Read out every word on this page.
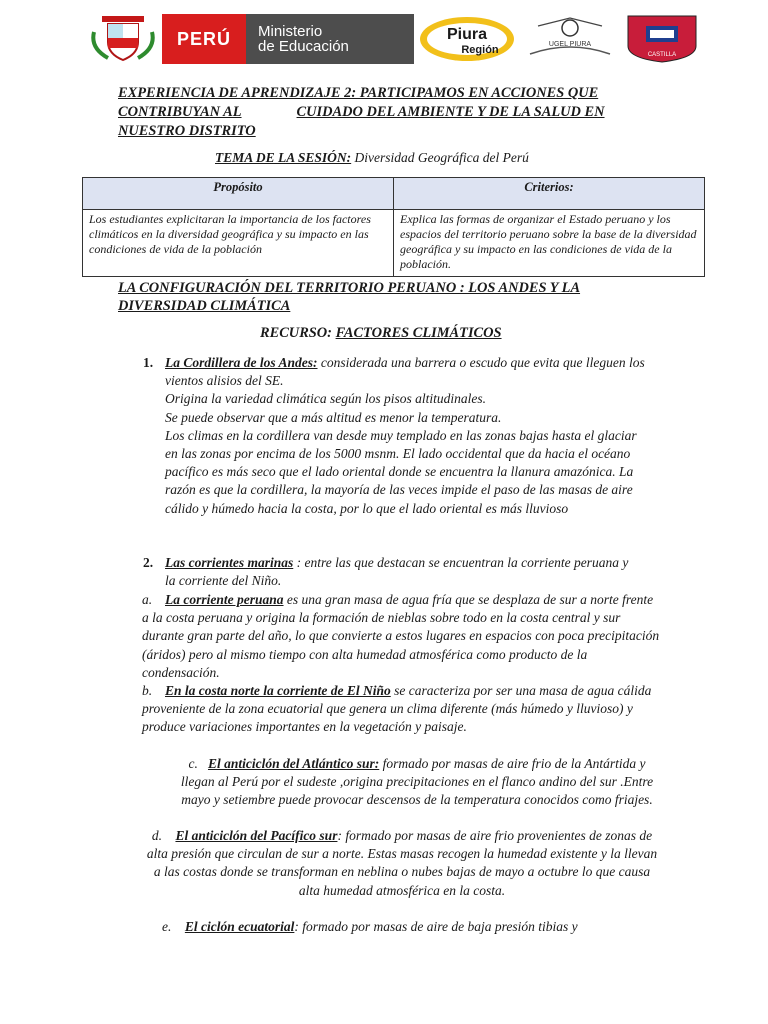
PERÚ Ministerio
de Educación
Piura
Región	UGEL PIURA
CASTILLA
EXPERIENCIA DE APRENDIZAJE 2: PARTICIPAMOS EN ACCIONES QUE
CONTRIBUYAN AL	CUIDADO DEL AMBIENTE Y DE LA SALUD EN
NUESTRO DISTRITO
TEMA DE LA SESIÓN: Diversidad Geográfica del Perú
Propósito	Criterios:
Los estudiantes explicitaran la importancia de los factores climáticos en la diversidad geográfica y su impacto en las condiciones de vida de la población	Explica las formas de organizar el Estado peruano y los espacios del territorio peruano sobre la base de la diversidad geográfica y su impacto en las condiciones de vida de la población.
LA CONFIGURACIÓN DEL TERRITORIO PERUANO : LOS ANDES Y LA
DIVERSIDAD CLIMÁTICA
RECURSO: FACTORES CLIMÁTICOS
1. La Cordillera de los Andes: considerada una barrera o escudo que evita que lleguen los vientos alisios del SE.
Origina la variedad climática según los pisos altitudinales.
Se puede observar que a más altitud es menor la temperatura.
Los climas en la cordillera van desde muy templado en las zonas bajas hasta el glaciar en las zonas por encima de los 5000 msnm. El lado occidental que da hacia el océano pacífico es más seco que el lado oriental donde se encuentra la llanura amazónica. La razón es que la cordillera, la mayoría de las veces impide el paso de las masas de aire cálido y húmedo hacia la costa, por lo que el lado oriental es más lluvioso
2. Las corrientes marinas : entre las que destacan se encuentran la corriente peruana y la corriente del Niño.
a. La corriente peruana es una gran masa de agua fría que se desplaza de sur a norte frente a la costa peruana y origina la formación de nieblas sobre todo en la costa central y sur durante gran parte del año, lo que convierte a estos lugares en espacios con poca precipitación (áridos) pero al mismo tiempo con alta humedad atmosférica como producto de la condensación.
b. En la costa norte la corriente de El Niño se caracteriza por ser una masa de agua cálida proveniente de la zona ecuatorial que genera un clima diferente (más húmedo y lluvioso) y produce variaciones importantes en la vegetación y paisaje.
c. El anticiclón del Atlántico sur: formado por masas de aire frio de la Antártida y llegan al Perú por el sudeste ,origina precipitaciones en el flanco andino del sur .Entre mayo y setiembre puede provocar descensos de la temperatura conocidos como friajes.
d. El anticiclón del Pacífico sur: formado por masas de aire frio provenientes de zonas de alta presión que circulan de sur a norte. Estas masas recogen la humedad existente y la llevan a las costas donde se transforman en neblina o nubes bajas de mayo a octubre lo que causa alta humedad atmosférica en la costa.
e. El ciclón ecuatorial: formado por masas de aire de baja presión tibias y
